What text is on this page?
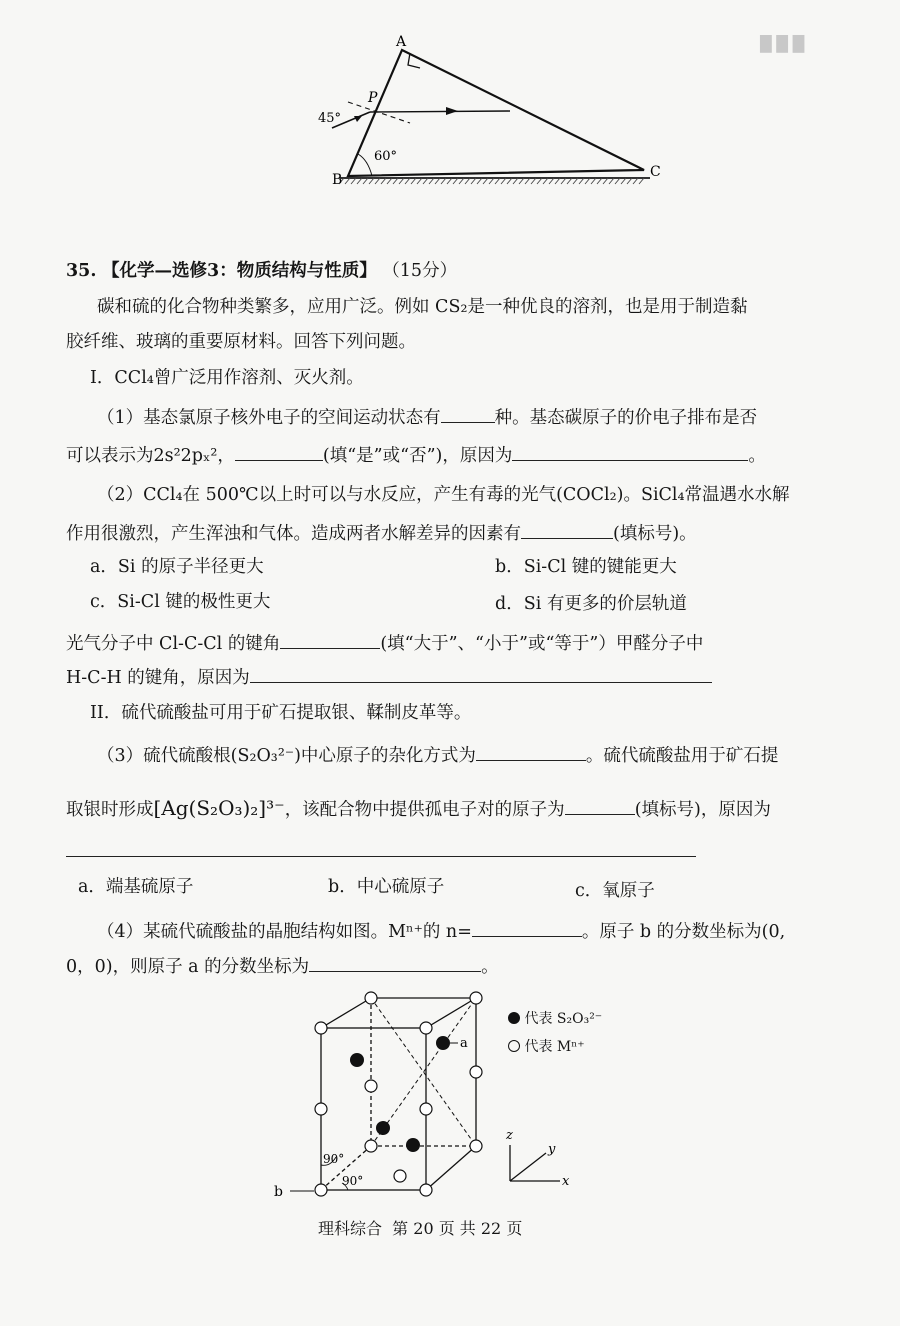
█ █ █
A
B	C
P
45°
60°
35. 【化学—选修3：物质结构与性质】 （15分）
碳和硫的化合物种类繁多，应用广泛。例如 CS₂是一种优良的溶剂，也是用于制造黏
胶纤维、玻璃的重要原材料。回答下列问题。
I．CCl₄曾广泛用作溶剂、灭火剂。
（1）基态氯原子核外电子的空间运动状态有	种。基态碳原子的价电子排布是否
可以表示为2s²2pₓ²，	(填“是”或“否”)，原因为	。
（2）CCl₄在 500℃以上时可以与水反应，产生有毒的光气(COCl₂)。SiCl₄常温遇水水解
作用很激烈，产生浑浊和气体。造成两者水解差异的因素有	(填标号)。
a．Si 的原子半径更大	b．Si-Cl 键的键能更大
c．Si-Cl 键的极性更大	d．Si 有更多的价层轨道
光气分子中 Cl-C-Cl 的键角	(填“大于”、“小于”或“等于”）甲醛分子中
H-C-H 的键角，原因为
II．硫代硫酸盐可用于矿石提取银、鞣制皮革等。
（3）硫代硫酸根(S₂O₃²⁻)中心原子的杂化方式为	。硫代硫酸盐用于矿石提
取银时形成[Ag(S₂O₃)₂]³⁻，该配合物中提供孤电子对的原子为	(填标号)，原因为
a．端基硫原子	b．中心硫原子	c．氧原子
（4）某硫代硫酸盐的晶胞结构如图。Mⁿ⁺的 n=	。原子 b 的分数坐标为(0,
0，0)，则原子 a 的分数坐标为	。
a
b
90°
90°
z
y
x
代表 S₂O₃²⁻
代表 Mⁿ⁺
理科综合  第 20 页 共 22 页
